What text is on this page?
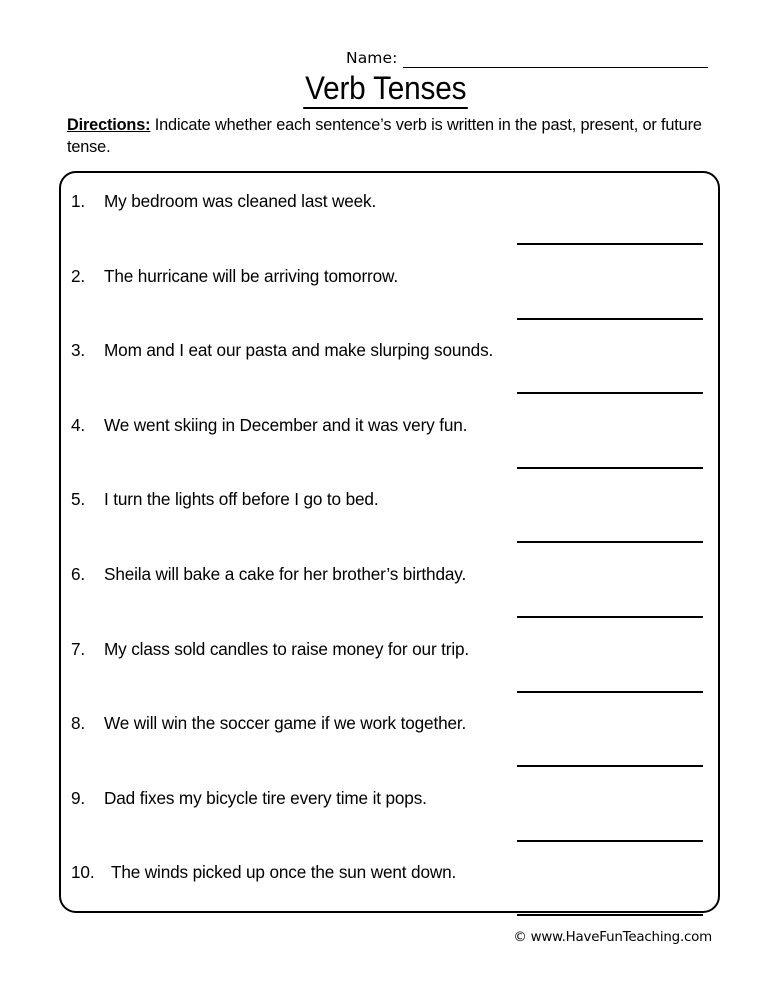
Name:
Verb Tenses
Directions: Indicate whether each sentence’s verb is written in the past, present, or future tense.
1.	My bedroom was cleaned last week.
2.	The hurricane will be arriving tomorrow.
3.	Mom and I eat our pasta and make slurping sounds.
4.	We went skiing in December and it was very fun.
5.	I turn the lights off before I go to bed.
6.	Sheila will bake a cake for her brother’s birthday.
7.	My class sold candles to raise money for our trip.
8.	We will win the soccer game if we work together.
9.	Dad fixes my bicycle tire every time it pops.
10. The winds picked up once the sun went down.
© www.HaveFunTeaching.com
